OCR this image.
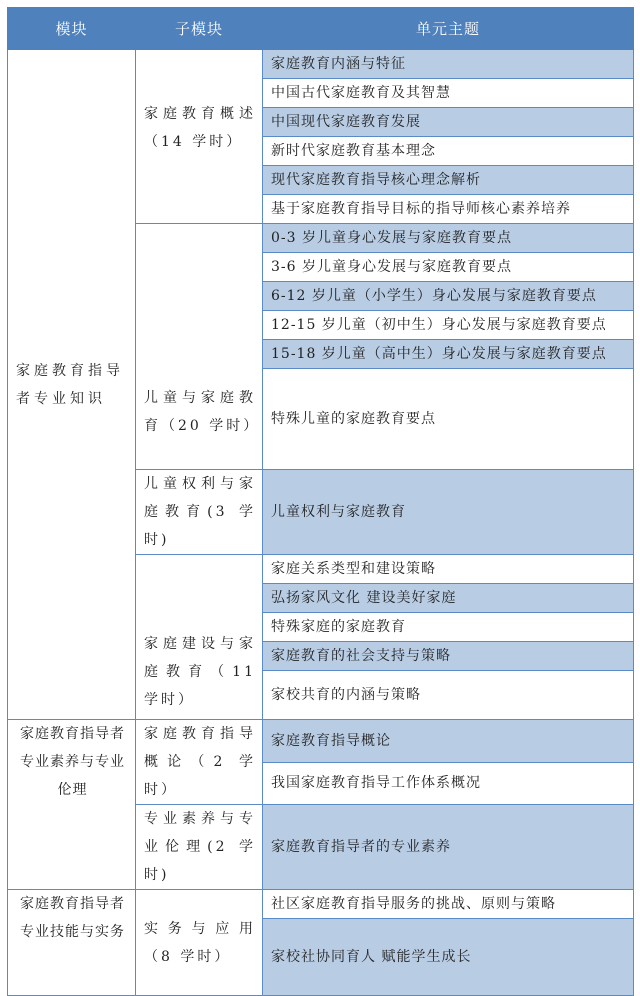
模块	子模块	单元主题
家庭教育指导者专业知识	家庭教育概述（14 学时）	家庭教育内涵与特征
		中国古代家庭教育及其智慧
		中国现代家庭教育发展
		新时代家庭教育基本理念
		现代家庭教育指导核心理念解析
		基于家庭教育指导目标的指导师核心素养培养
	儿童与家庭教育（20 学时）	0-3 岁儿童身心发展与家庭教育要点
		3-6 岁儿童身心发展与家庭教育要点
		6-12 岁儿童（小学生）身心发展与家庭教育要点
		12-15 岁儿童（初中生）身心发展与家庭教育要点
		15-18 岁儿童（高中生）身心发展与家庭教育要点
		特殊儿童的家庭教育要点
	儿童权利与家庭教育(3 学时)	儿童权利与家庭教育
	家庭建设与家庭教育（11 学时）	家庭关系类型和建设策略
		弘扬家风文化 建设美好家庭
		特殊家庭的家庭教育
		家庭教育的社会支持与策略
		家校共育的内涵与策略
家庭教育指导者专业素养与专业伦理	家庭教育指导概论（2 学时）	家庭教育指导概论
		我国家庭教育指导工作体系概况
	专业素养与专业伦理(2 学时)	家庭教育指导者的专业素养
家庭教育指导者专业技能与实务	实务与应用（8 学时）	社区家庭教育指导服务的挑战、原则与策略
		家校社协同育人 赋能学生成长
